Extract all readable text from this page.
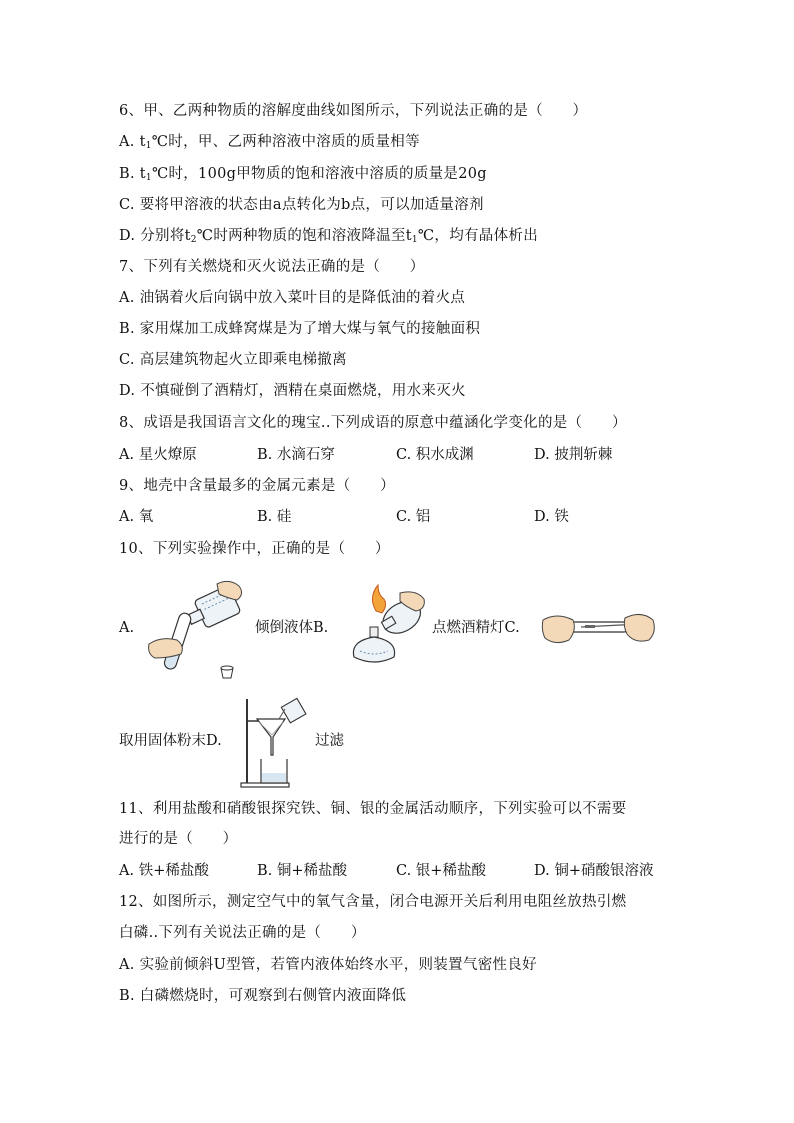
6、甲、乙两种物质的溶解度曲线如图所示，下列说法正确的是（　　）
A. $t_1℃$时，甲、乙两种溶液中溶质的质量相等
B. $t_1℃$时，100g甲物质的饱和溶液中溶质的质量是20g
C. 要将甲溶液的状态由a点转化为b点，可以加适量溶剂
D. 分别将$t_2℃$时两种物质的饱和溶液降温至$t_1℃$，均有晶体析出
7、下列有关燃烧和灭火说法正确的是（　　）
A. 油锅着火后向锅中放入菜叶目的是降低油的着火点
B. 家用煤加工成蜂窝煤是为了增大煤与氧气的接触面积
C. 高层建筑物起火立即乘电梯撤离
D. 不慎碰倒了酒精灯，酒精在桌面燃烧，用水来灭火
8、成语是我国语言文化的瑰宝..下列成语的原意中蕴涵化学变化的是（　　）
A. 星火燎原	B. 水滴石穿	C. 积水成渊	D. 披荆斩棘
9、地壳中含量最多的金属元素是（　　）
A. 氧	B. 硅	C. 铝	D. 铁
10、下列实验操作中，正确的是（　　）
A.	倾倒液体B.	点燃酒精灯C.
取用固体粉末D.	过滤
11、利用盐酸和硝酸银探究铁、铜、银的金属活动顺序，下列实验可以不需要
进行的是（　　）
A. 铁+稀盐酸	B. 铜+稀盐酸	C. 银+稀盐酸	D. 铜+硝酸银溶液
12、如图所示，测定空气中的氧气含量，闭合电源开关后利用电阻丝放热引燃
白磷..下列有关说法正确的是（　　）
A. 实验前倾斜U型管，若管内液体始终水平，则装置气密性良好
B. 白磷燃烧时，可观察到右侧管内液面降低
